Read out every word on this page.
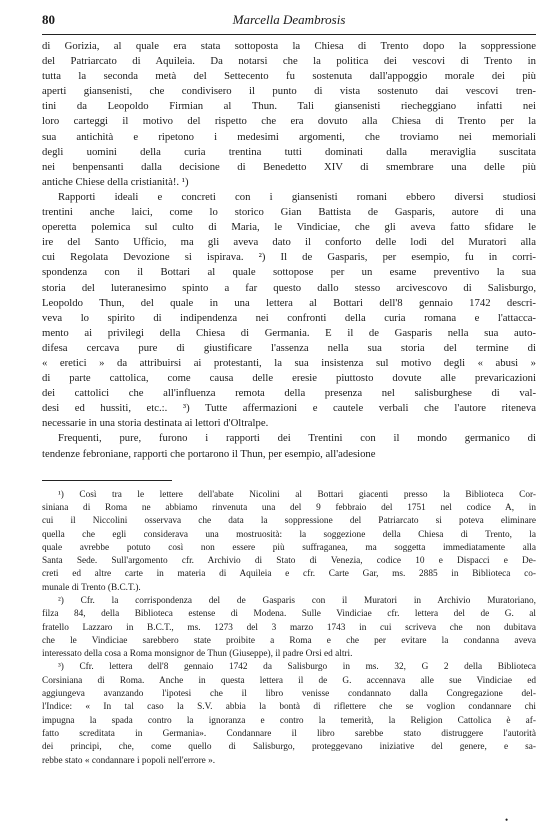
80	Marcella Deambrosis
di Gorizia, al quale era stata sottoposta la Chiesa di Trento dopo la soppressione
del Patriarcato di Aquileia. Da notarsi che la politica dei vescovi di Trento in
tutta la seconda metà del Settecento fu sostenuta dall'appoggio morale dei più
aperti giansenisti, che condivisero il punto di vista sostenuto dai vescovi tren-
tini da Leopoldo Firmian al Thun. Tali giansenisti riecheggiano infatti nei
loro carteggi il motivo del rispetto che era dovuto alla Chiesa di Trento per la
sua antichità e ripetono i medesimi argomenti, che troviamo nei memoriali
degli uomini della curia trentina tutti dominati dalla meraviglia suscitata
nei benpensanti dalla decisione di Benedetto XIV di smembrare una delle più
antiche Chiese della cristianità!. ¹)
Rapporti ideali e concreti con i giansenisti romani ebbero diversi studiosi
trentini anche laici, come lo storico Gian Battista de Gasparis, autore di una
operetta polemica sul culto di Maria, le Vindiciae, che gli aveva fatto sfidare le
ire del Santo Ufficio, ma gli aveva dato il conforto delle lodi del Muratori alla
cui Regolata Devozione si ispirava. ²) Il de Gasparis, per esempio, fu in corri-
spondenza con il Bottari al quale sottopose per un esame preventivo la sua
storia del luteranesimo spinto a far questo dallo stesso arcivescovo di Salisburgo,
Leopoldo Thun, del quale in una lettera al Bottari dell'8 gennaio 1742 descri-
veva lo spirito di indipendenza nei confronti della curia romana e l'attacca-
mento ai privilegi della Chiesa di Germania. E il de Gasparis nella sua auto-
difesa cercava pure di giustificare l'assenza nella sua storia del termine di
« eretici » da attribuirsi ai protestanti, la sua insistenza sul motivo degli « abusi »
di parte cattolica, come causa delle eresie piuttosto dovute alle prevaricazioni
dei cattolici che all'influenza remota della presenza nel salisburghese di val-
desi ed hussiti, etc.:. ³) Tutte affermazioni e cautele verbali che l'autore riteneva
necessarie in una storia destinata ai lettori d'Oltralpe.
Frequenti, pure, furono i rapporti dei Trentini con il mondo germanico di
tendenze febroniane, rapporti che portarono il Thun, per esempio, all'adesione
¹) Così tra le lettere dell'abate Nicolini al Bottari giacenti presso la Biblioteca Cor-
siniana di Roma ne abbiamo rinvenuta una del 9 febbraio del 1751 nel codice A, in
cui il Niccolini osservava che data la soppressione del Patriarcato si poteva eliminare
quella che egli considerava una mostruosità: la soggezione della Chiesa di Trento, la
quale avrebbe potuto così non essere più suffraganea, ma soggetta immediatamente alla
Santa Sede. Sull'argomento cfr. Archivio di Stato di Venezia, codice 10 e Dispacci e De-
creti ed altre carte in materia di Aquileia e cfr. Carte Gar, ms. 2885 in Biblioteca co-
munale di Trento (B.C.T.).
²) Cfr. la corrispondenza del de Gasparis con il Muratori in Archivio Muratoriano,
filza 84, della Biblioteca estense di Modena. Sulle Vindiciae cfr. lettera del de G. al
fratello Lazzaro in B.C.T., ms. 1273 del 3 marzo 1743 in cui scriveva che non dubitava
che le Vindiciae sarebbero state proibite a Roma e che per evitare la condanna aveva
interessato della cosa a Roma monsignor de Thun (Giuseppe), il padre Orsi ed altri.
³) Cfr. lettera dell'8 gennaio 1742 da Salisburgo in ms. 32, G 2 della Biblioteca
Corsiniana di Roma. Anche in questa lettera il de G. accennava alle sue Vindiciae ed
aggiungeva avanzando l'ipotesi che il libro venisse condannato dalla Congregazione del-
l'Indice: « In tal caso la S.V. abbia la bontà di riflettere che se voglion condannare chi
impugna la spada contro la ignoranza e contro la temerità, la Religion Cattolica è af-
fatto screditata in Germania». Condannare il libro sarebbe stato distruggere l'autorità
dei principi, che, come quello di Salisburgo, proteggevano iniziative del genere, e sa-
rebbe stato « condannare i popoli nell'errore ».
•
